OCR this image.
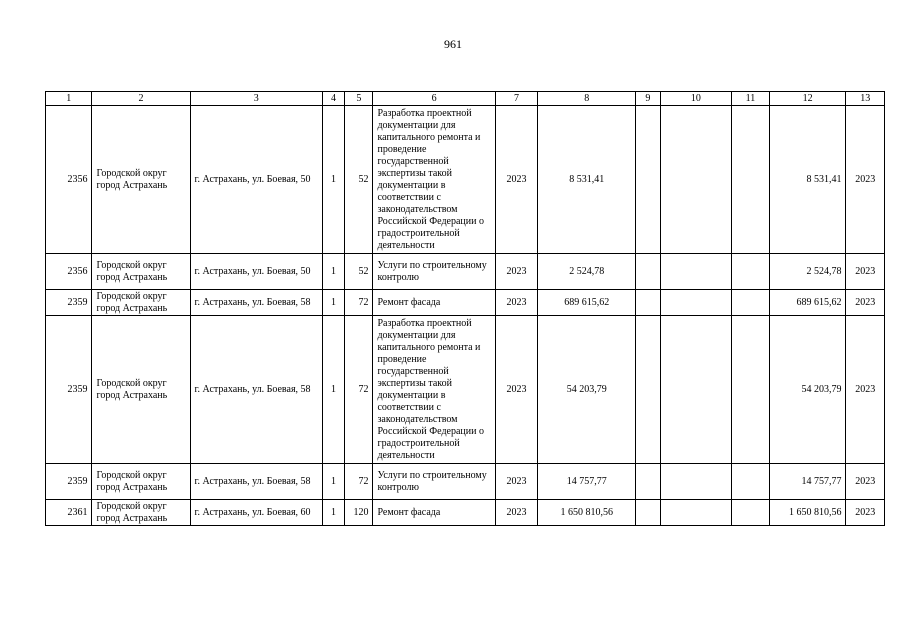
961
1	2	3	4	5	6	7	8	9	10	11	12	13
2356	Городской округ город Астрахань	г. Астрахань, ул. Боевая, 50	1	52	Разработка проектной документации для капитального ремонта и проведение государственной экспертизы такой документации в соответствии с законодательством Российской Федерации о градостроительной деятельности	2023	8 531,41				8 531,41	2023
2356	Городской округ город Астрахань	г. Астрахань, ул. Боевая, 50	1	52	Услуги по строительному контролю	2023	2 524,78				2 524,78	2023
2359	Городской округ город Астрахань	г. Астрахань, ул. Боевая, 58	1	72	Ремонт фасада	2023	689 615,62				689 615,62	2023
2359	Городской округ город Астрахань	г. Астрахань, ул. Боевая, 58	1	72	Разработка проектной документации для капитального ремонта и проведение государственной экспертизы такой документации в соответствии с законодательством Российской Федерации о градостроительной деятельности	2023	54 203,79				54 203,79	2023
2359	Городской округ город Астрахань	г. Астрахань, ул. Боевая, 58	1	72	Услуги по строительному контролю	2023	14 757,77				14 757,77	2023
2361	Городской округ город Астрахань	г. Астрахань, ул. Боевая, 60	1	120	Ремонт фасада	2023	1 650 810,56				1 650 810,56	2023
